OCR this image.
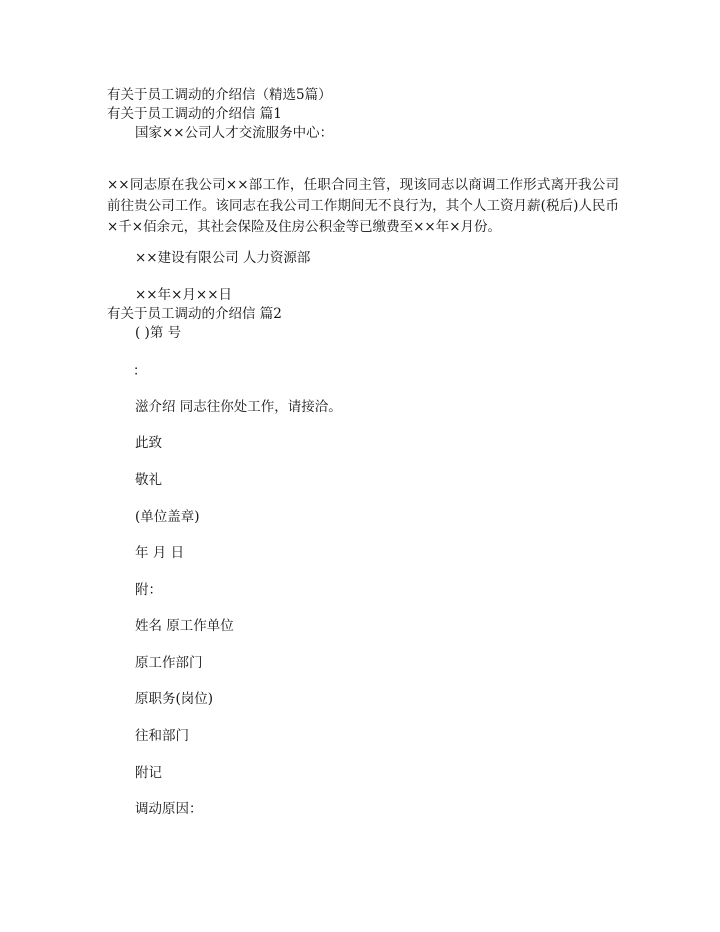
有关于员工调动的介绍信（精选5篇）
有关于员工调动的介绍信 篇1
国家××公司人才交流服务中心：
××同志原在我公司××部工作，任职合同主管，现该同志以商调工作形式离开我公司前往贵公司工作。该同志在我公司工作期间无不良行为，其个人工资月薪(税后)人民币×千×佰余元，其社会保险及住房公积金等已缴费至××年×月份。
××建设有限公司 人力资源部
××年×月××日
有关于员工调动的介绍信 篇2
( )第 号
：
滋介绍 同志往你处工作，请接洽。
此致
敬礼
(单位盖章)
年 月 日
附：
姓名 原工作单位
原工作部门
原职务(岗位)
往和部门
附记
调动原因：
